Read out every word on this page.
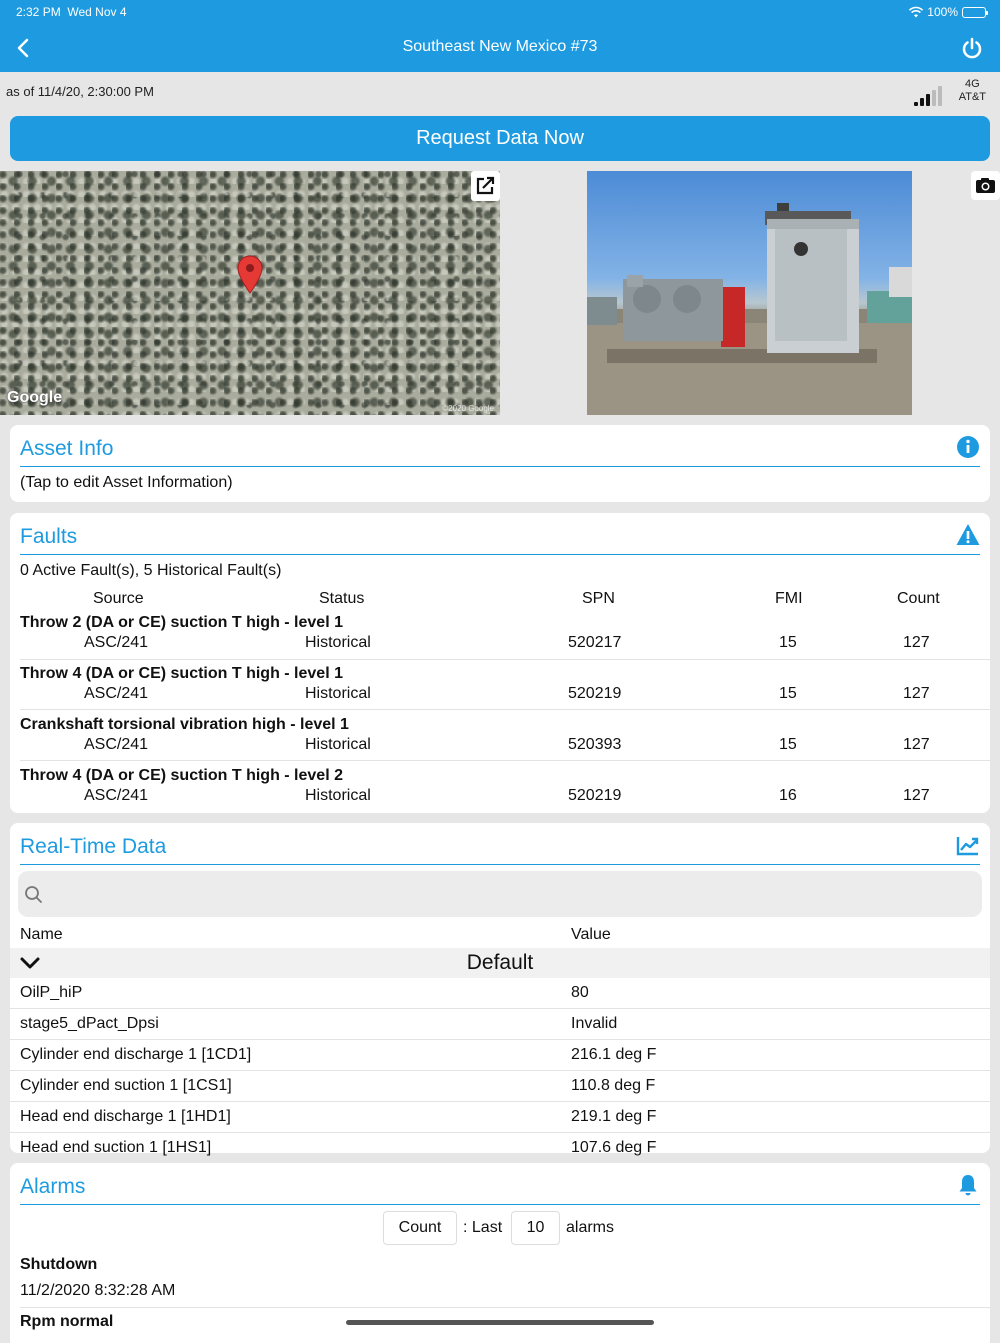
2:32 PM Wed Nov 4	100%
Southeast New Mexico #73
as of 11/4/20, 2:30:00 PM	4G
AT&T
Request Data Now
Google
©2020 Google
Asset Info
(Tap to edit Asset Information)
Faults
0 Active Fault(s), 5 Historical Fault(s)
Source	Status	SPN	FMI	Count
Throw 2 (DA or CE) suction T high - level 1
ASC/241	Historical	520217	15	127
Throw 4 (DA or CE) suction T high - level 1
ASC/241	Historical	520219	15	127
Crankshaft torsional vibration high - level 1
ASC/241	Historical	520393	15	127
Throw 4 (DA or CE) suction T high - level 2
ASC/241	Historical	520219	16	127
Real-Time Data
Name	Value
Default
OilP_hiP	80
stage5_dPact_Dpsi	Invalid
Cylinder end discharge 1 [1CD1]	216.1 deg F
Cylinder end suction 1 [1CS1]	110.8 deg F
Head end discharge 1 [1HD1]	219.1 deg F
Head end suction 1 [1HS1]	107.6 deg F
Alarms
Count	: Last	10	alarms
Shutdown
11/2/2020 8:32:28 AM
Rpm normal
